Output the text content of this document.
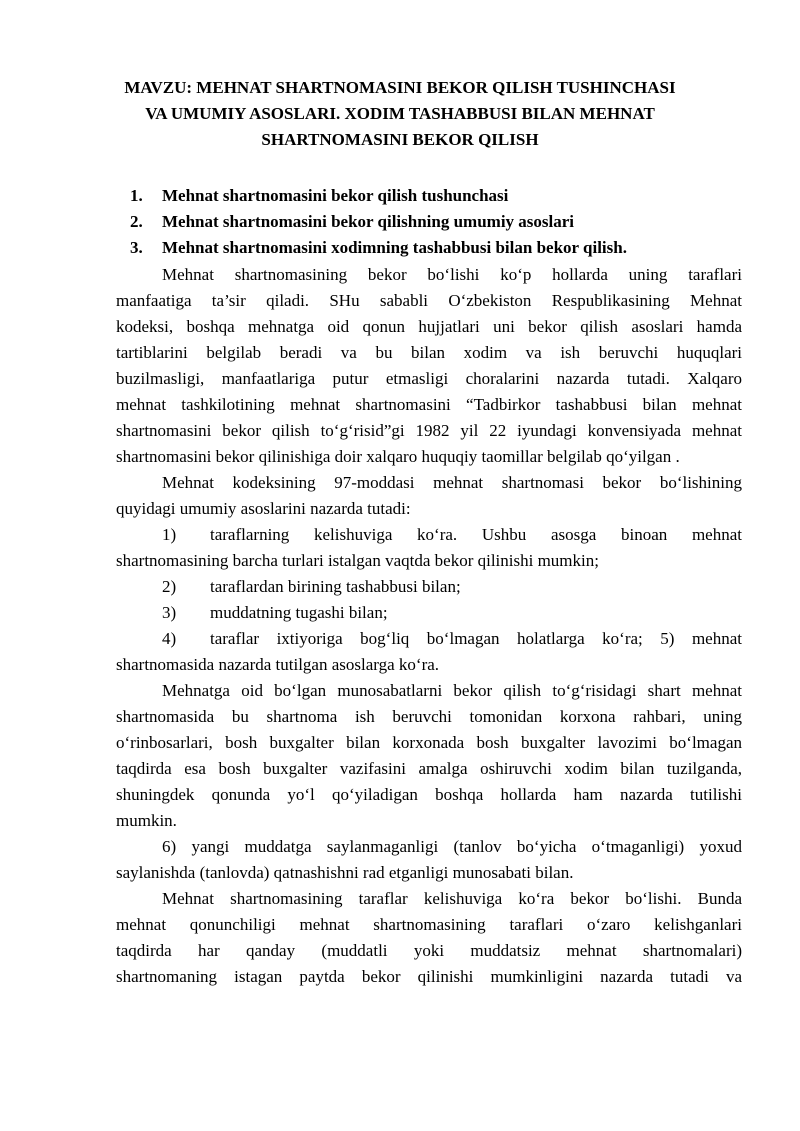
MAVZU: MEHNAT SHARTNOMASINI BEKOR QILISH TUSHINCHASI
VA UMUMIY ASOSLARI. XODIM TASHABBUSI BILAN MEHNAT
SHARTNOMASINI BEKOR QILISH
1. Mehnat shartnomasini bekor qilish tushunchasi
2. Mehnat shartnomasini bekor qilishning umumiy asoslari
3. Mehnat shartnomasini xodimning tashabbusi bilan bekor qilish.

Mehnat shartnomasining bekor bo‘lishi ko‘p hollarda uning taraflari
manfaatiga ta’sir qiladi. SHu sababli O‘zbekiston Respublikasining Mehnat
kodeksi, boshqa mehnatga oid qonun hujjatlari uni bekor qilish asoslari hamda
tartiblarini belgilab beradi va bu bilan xodim va ish beruvchi huquqlari
buzilmasligi, manfaatlariga putur etmasligi choralarini nazarda tutadi. Xalqaro
mehnat tashkilotining mehnat shartnomasini “Tadbirkor tashabbusi bilan mehnat
shartnomasini bekor qilish to‘g‘risid”gi 1982 yil 22 iyundagi konvensiyada mehnat
shartnomasini bekor qilinishiga doir xalqaro huquqiy taomillar belgilab qo‘yilgan .

Mehnat kodeksining 97-moddasi mehnat shartnomasi bekor bo‘lishining
quyidagi umumiy asoslarini nazarda tutadi:

1) taraflarning kelishuviga ko‘ra. Ushbu asosga binoan mehnat
shartnomasining barcha turlari istalgan vaqtda bekor qilinishi mumkin;

2) taraflardan birining tashabbusi bilan;

3) muddatning tugashi bilan;

4) taraflar ixtiyoriga bog‘liq bo‘lmagan holatlarga ko‘ra; 5) mehnat
shartnomasida nazarda tutilgan asoslarga ko‘ra.

Mehnatga oid bo‘lgan munosabatlarni bekor qilish to‘g‘risidagi shart mehnat
shartnomasida bu shartnoma ish beruvchi tomonidan korxona rahbari, uning
o‘rinbosarlari, bosh buxgalter bilan korxonada bosh buxgalter lavozimi bo‘lmagan
taqdirda esa bosh buxgalter vazifasini amalga oshiruvchi xodim bilan tuzilganda,
shuningdek qonunda yo‘l qo‘yiladigan boshqa hollarda ham nazarda tutilishi
mumkin.

6) yangi muddatga saylanmaganligi (tanlov bo‘yicha o‘tmaganligi) yoxud
saylanishda (tanlovda) qatnashishni rad etganligi munosabati bilan.

Mehnat shartnomasining taraflar kelishuviga ko‘ra bekor bo‘lishi. Bunda
mehnat qonunchiligi mehnat shartnomasining taraflari o‘zaro kelishganlari
taqdirda har qanday (muddatli yoki muddatsiz mehnat shartnomalari)
shartnomaning istagan paytda bekor qilinishi mumkinligini nazarda tutadi va
